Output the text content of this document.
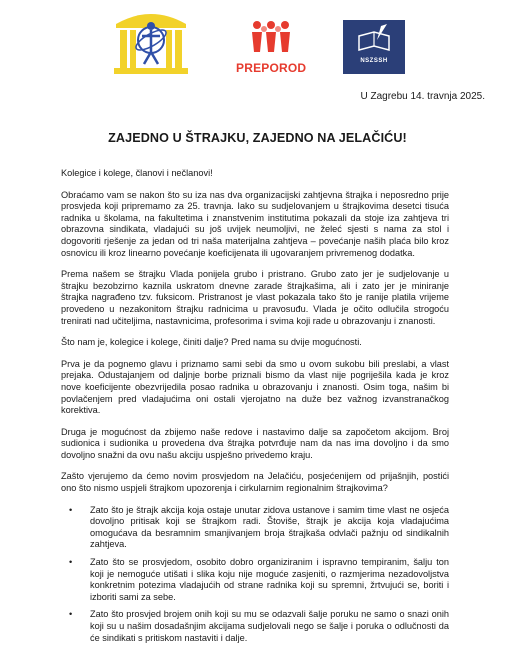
PREPOROD	NSZSSH
U Zagrebu 14. travnja 2025.
ZAJEDNO U ŠTRAJKU, ZAJEDNO NA JELAČIĆU!

Kolegice i kolege, članovi i nečlanovi!

Obraćamo vam se nakon što su iza nas dva organizacijski zahtjevna štrajka i neposredno prije prosvjeda koji pripremamo za 25. travnja. Iako su sudjelovanjem u štrajkovima desetci tisuća radnika u školama, na fakultetima i znanstvenim institutima pokazali da stoje iza zahtjeva tri obrazovna sindikata, vladajući su još uvijek neumoljivi, ne želeć sjesti s nama za stol i dogovoriti rješenje za jedan od tri naša materijalna zahtjeva – povećanje naših plaća bilo kroz osnovicu ili kroz linearno povećanje koeficijenata ili ugovaranjem privremenog dodatka.

Prema našem se štrajku Vlada ponijela grubo i pristrano. Grubo zato jer je sudjelovanje u štrajku bezobzirno kaznila uskratom dnevne zarade štrajkašima, ali i zato jer je miniranje štrajka nagrađeno tzv. fuksicom. Pristranost je vlast pokazala tako što je ranije platila vrijeme provedeno u nezakonitom štrajku radnicima u pravosuđu. Vlada je očito odlučila strogoću trenirati nad učiteljima, nastavnicima, profesorima i svima koji rade u obrazovanju i znanosti.

Što nam je, kolegice i kolege, činiti dalje? Pred nama su dvije mogućnosti.

Prva je da pognemo glavu i priznamo sami sebi da smo u ovom sukobu bili preslabi, a vlast prejaka. Odustajanjem od daljnje borbe priznali bismo da vlast nije pogriješila kada je kroz nove koeficijente obezvrijedila posao radnika u obrazovanju i znanosti. Osim toga, našim bi povlačenjem pred vladajućima oni ostali vjerojatno na duže bez važnog izvanstranačkog korektiva.

Druga je mogućnost da zbijemo naše redove i nastavimo dalje sa započetom akcijom. Broj sudionica i sudionika u provedena dva štrajka potvrđuje nam da nas ima dovoljno i da smo dovoljno snažni da ovu našu akciju uspješno privedemo kraju.

Zašto vjerujemo da ćemo novim prosvjedom na Jelačiću, posjećenijem od prijašnjih, postići ono što nismo uspjeli štrajkom upozorenja i cirkularnim regionalnim štrajkovima?

• Zato što je štrajk akcija koja ostaje unutar zidova ustanove i samim time vlast ne osjeća dovoljno pritisak koji se štrajkom radi. Štoviše, štrajk je akcija koja vladajućima omogućava da besramnim smanjivanjem broja štrajkaša odvlači pažnju od sindikalnih zahtjeva.
• Zato što se prosvjedom, osobito dobro organiziranim i ispravno tempiranim, šalju ton koji je nemoguće utišati i slika koju nije moguće zasjeniti, o razmjerima nezadovoljstva konkretnim potezima vladajućih od strane radnika koji su spremni, žrtvujući se, boriti i izboriti sami za sebe.
• Zato što prosvjed brojem onih koji su mu se odazvali šalje poruku ne samo o snazi onih koji su u našim dosadašnjim akcijama sudjelovali nego se šalje i poruka o odlučnosti da će sindikati s pritiskom nastaviti i dalje.
